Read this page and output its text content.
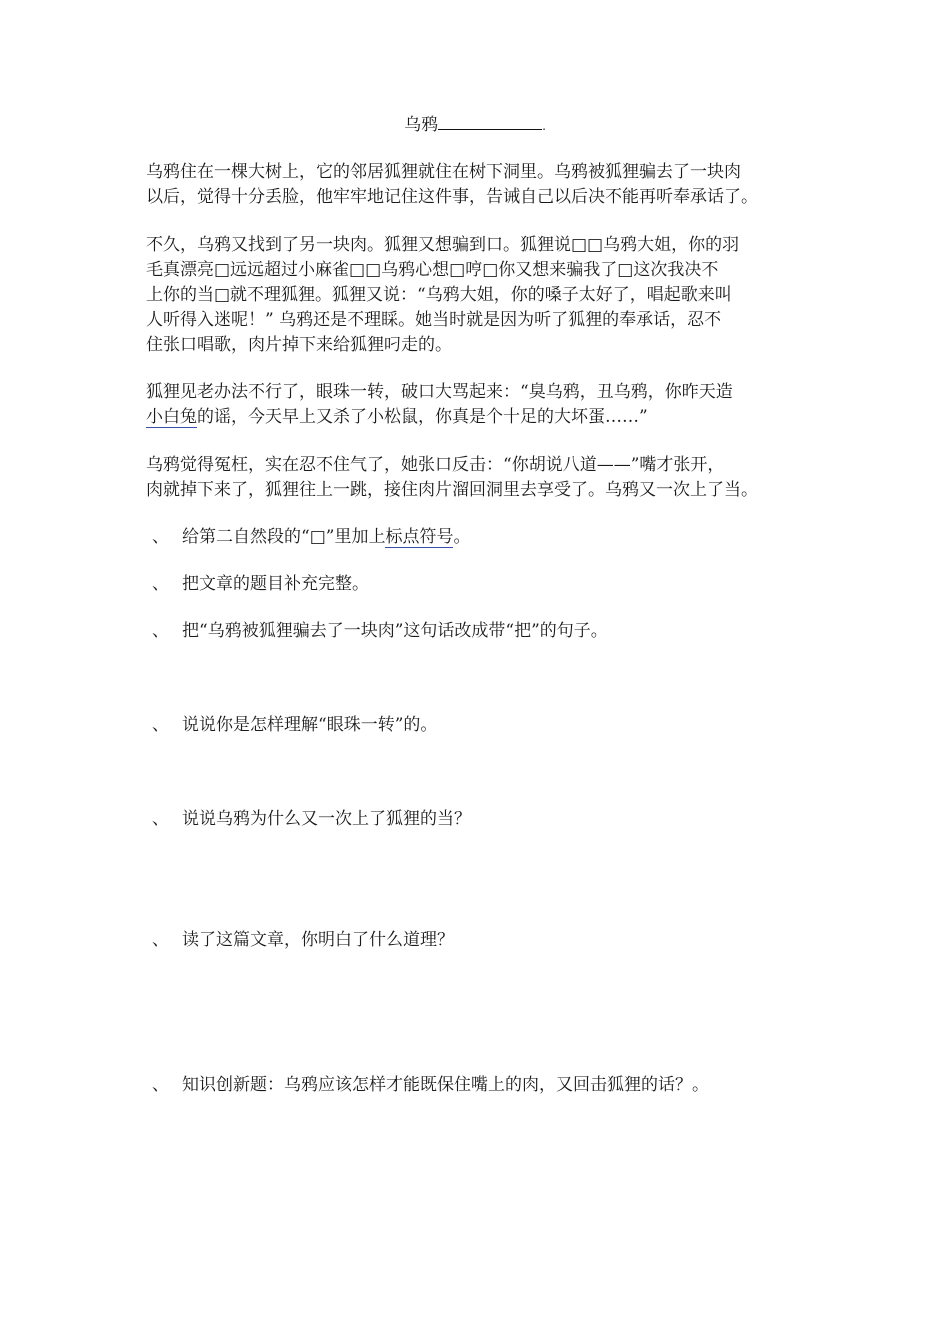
乌鸦	.
乌鸦住在一棵大树上，它的邻居狐狸就住在树下洞里。乌鸦被狐狸骗去了一块肉
以后，觉得十分丢脸，他牢牢地记住这件事，告诫自己以后决不能再听奉承话了。
不久，乌鸦又找到了另一块肉。狐狸又想骗到口。狐狸说□□乌鸦大姐，你的羽
毛真漂亮□远远超过小麻雀□□乌鸦心想□哼□你又想来骗我了□这次我决不
上你的当□就不理狐狸。狐狸又说：“乌鸦大姐，你的嗓子太好了，唱起歌来叫
人听得入迷呢！” 乌鸦还是不理睬。她当时就是因为听了狐狸的奉承话，忍不
住张口唱歌，肉片掉下来给狐狸叼走的。
狐狸见老办法不行了，眼珠一转，破口大骂起来：“臭乌鸦，丑乌鸦，你昨天造
小白兔的谣，今天早上又杀了小松鼠，你真是个十足的大坏蛋……”
乌鸦觉得冤枉，实在忍不住气了，她张口反击：“你胡说八道——”嘴才张开，
肉就掉下来了，狐狸往上一跳，接住肉片溜回洞里去享受了。乌鸦又一次上了当。
、 给第二自然段的“□”里加上标点符号。
、 把文章的题目补充完整。
、 把“乌鸦被狐狸骗去了一块肉”这句话改成带“把”的句子。
、 说说你是怎样理解“眼珠一转”的。
、 说说乌鸦为什么又一次上了狐狸的当？
、 读了这篇文章，你明白了什么道理？
、 知识创新题：乌鸦应该怎样才能既保住嘴上的肉，又回击狐狸的话？。
